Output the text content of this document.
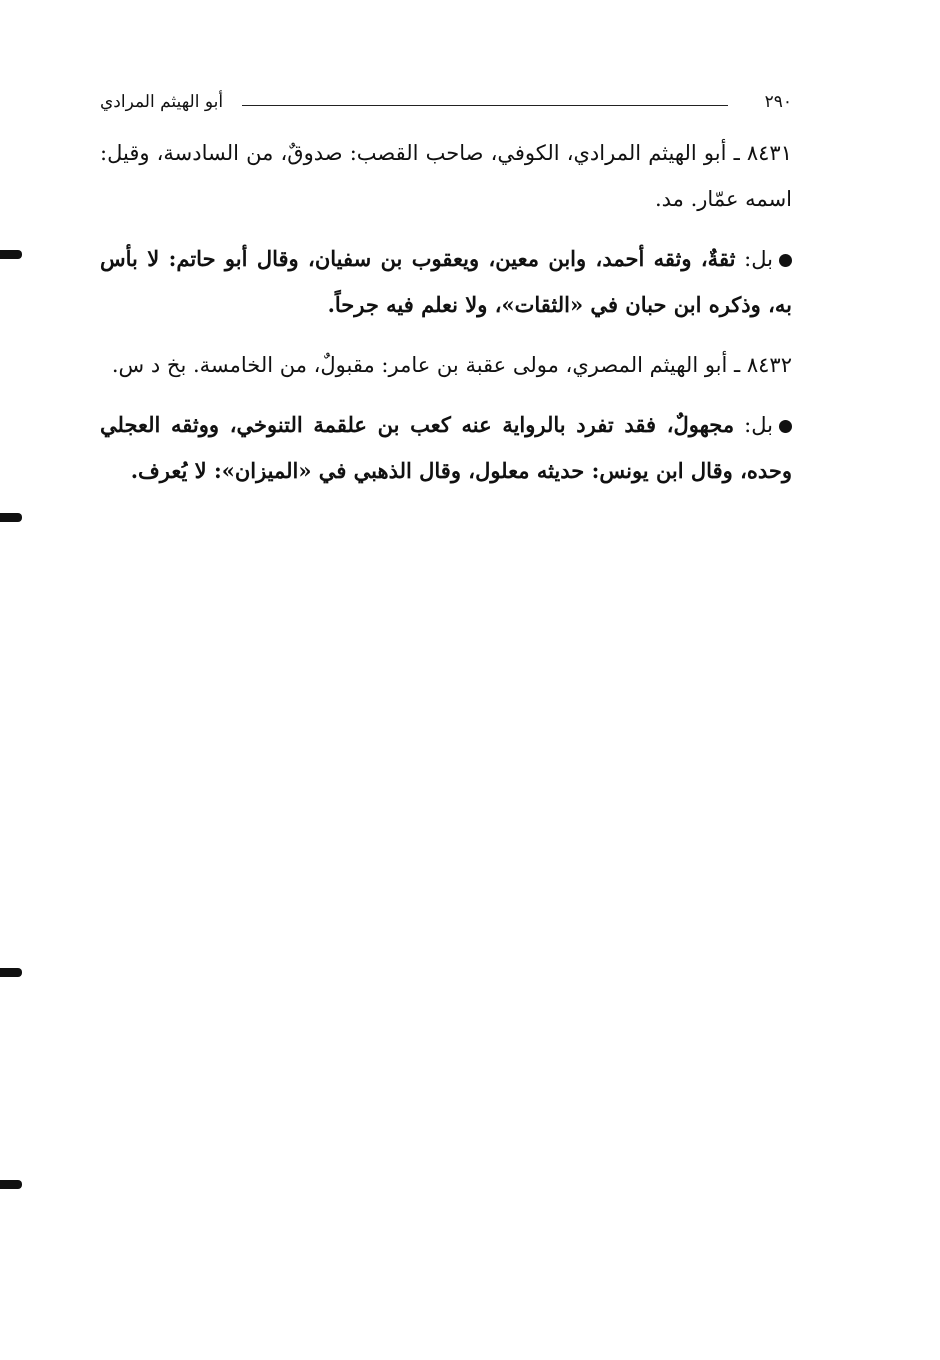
أبو الهيثم المرادي	٢٩٠

٨٤٣١ ـ أبو الهيثم المرادي، الكوفي، صاحب القصب: صدوقٌ، من السادسة، وقيل: اسمه عمّار. مد.

بل: ثقةٌ، وثقه أحمد، وابن معين، ويعقوب بن سفيان، وقال أبو حاتم: لا بأس به، وذكره ابن حبان في «الثقات»، ولا نعلم فيه جرحاً.

٨٤٣٢ ـ أبو الهيثم المصري، مولى عقبة بن عامر: مقبولٌ، من الخامسة. بخ د س.

بل: مجهولٌ، فقد تفرد بالرواية عنه كعب بن علقمة التنوخي، ووثقه العجلي وحده، وقال ابن يونس: حديثه معلول، وقال الذهبي في «الميزان»: لا يُعرف.
